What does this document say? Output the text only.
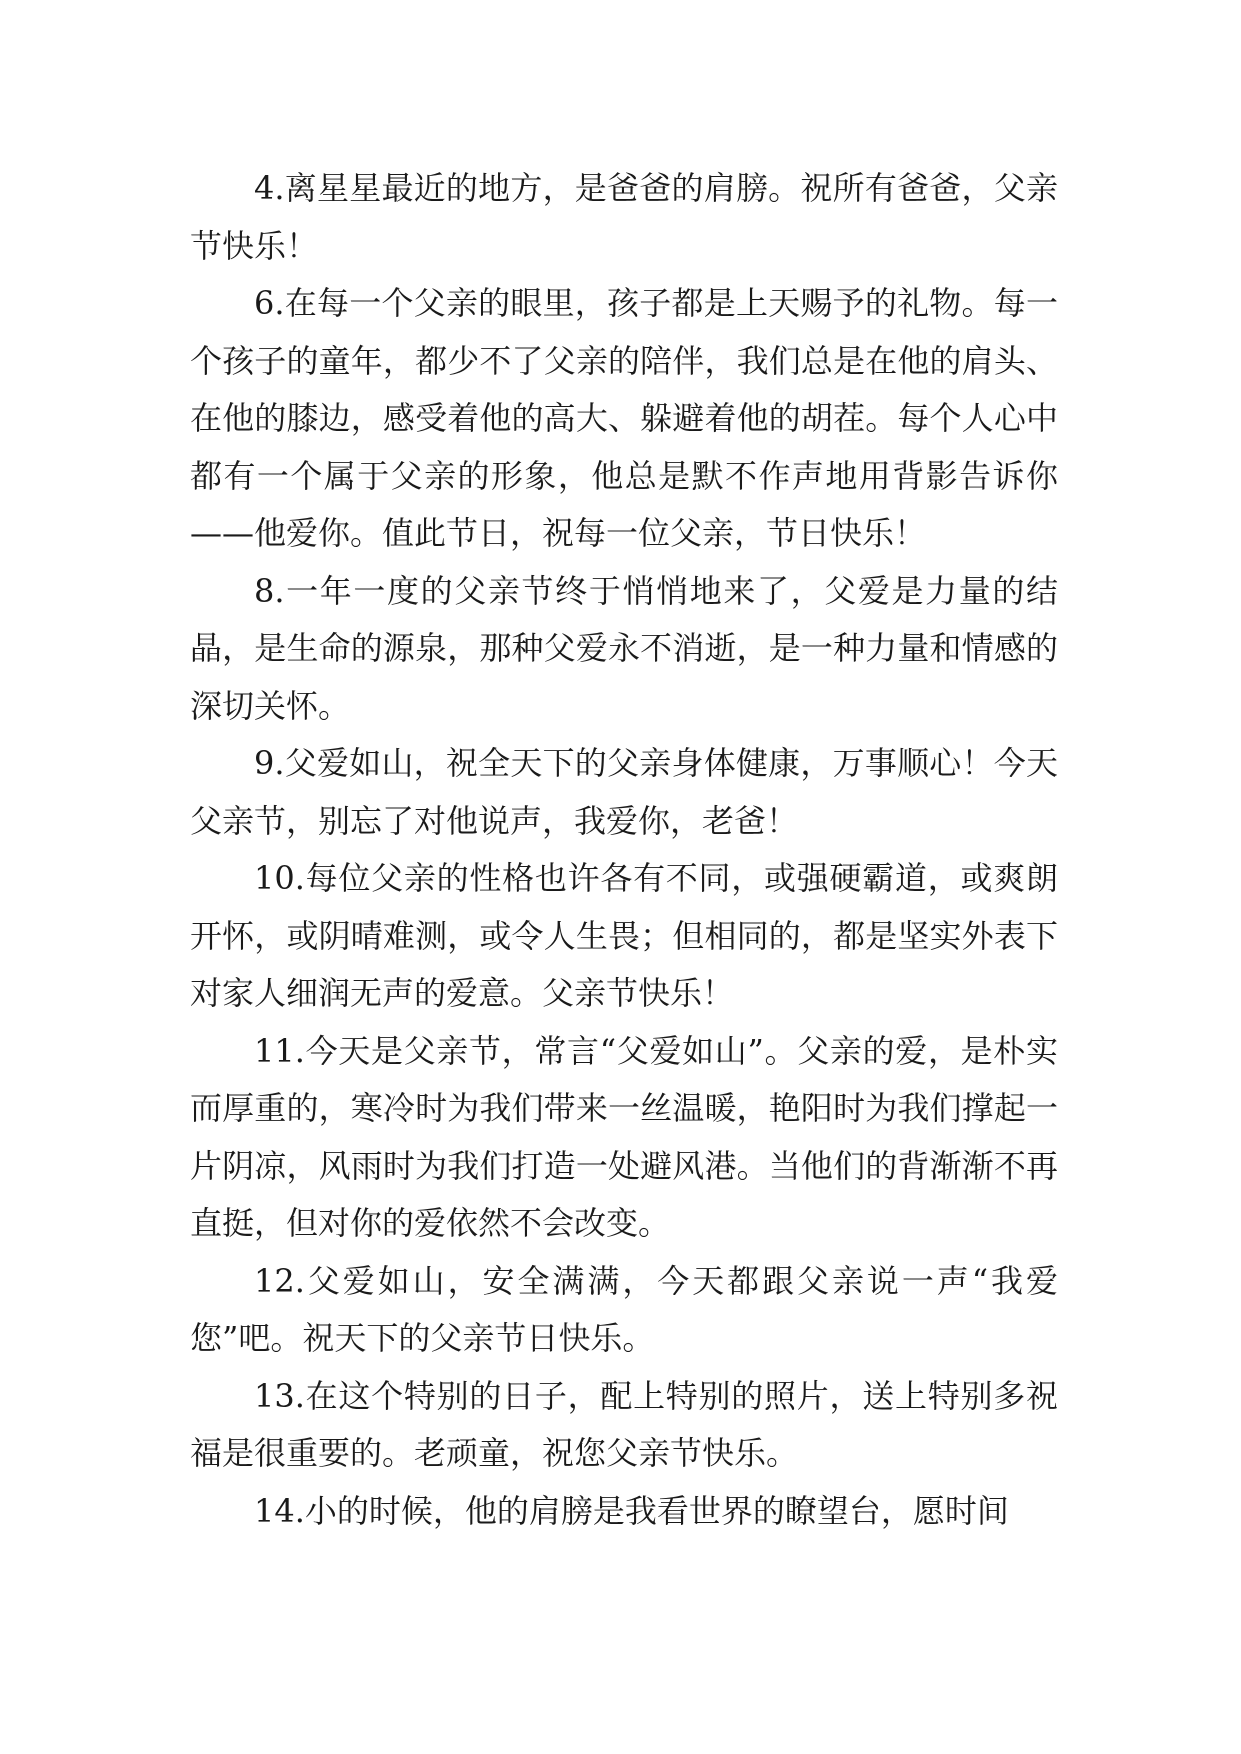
4.离星星最近的地方，是爸爸的肩膀。祝所有爸爸，父亲节快乐！

6.在每一个父亲的眼里，孩子都是上天赐予的礼物。每一个孩子的童年，都少不了父亲的陪伴，我们总是在他的肩头、在他的膝边，感受着他的高大、躲避着他的胡茬。每个人心中都有一个属于父亲的形象，他总是默不作声地用背影告诉你——他爱你。值此节日，祝每一位父亲，节日快乐！

8.一年一度的父亲节终于悄悄地来了，父爱是力量的结晶，是生命的源泉，那种父爱永不消逝，是一种力量和情感的深切关怀。

9.父爱如山，祝全天下的父亲身体健康，万事顺心！今天父亲节，别忘了对他说声，我爱你，老爸！

10.每位父亲的性格也许各有不同，或强硬霸道，或爽朗开怀，或阴晴难测，或令人生畏；但相同的，都是坚实外表下对家人细润无声的爱意。父亲节快乐！

11.今天是父亲节，常言“父爱如山”。父亲的爱，是朴实而厚重的，寒冷时为我们带来一丝温暖，艳阳时为我们撑起一片阴凉，风雨时为我们打造一处避风港。当他们的背渐渐不再直挺，但对你的爱依然不会改变。

12.父爱如山，安全满满，今天都跟父亲说一声“我爱您”吧。祝天下的父亲节日快乐。

13.在这个特别的日子，配上特别的照片，送上特别多祝福是很重要的。老顽童，祝您父亲节快乐。

14.小的时候，他的肩膀是我看世界的瞭望台，愿时间
